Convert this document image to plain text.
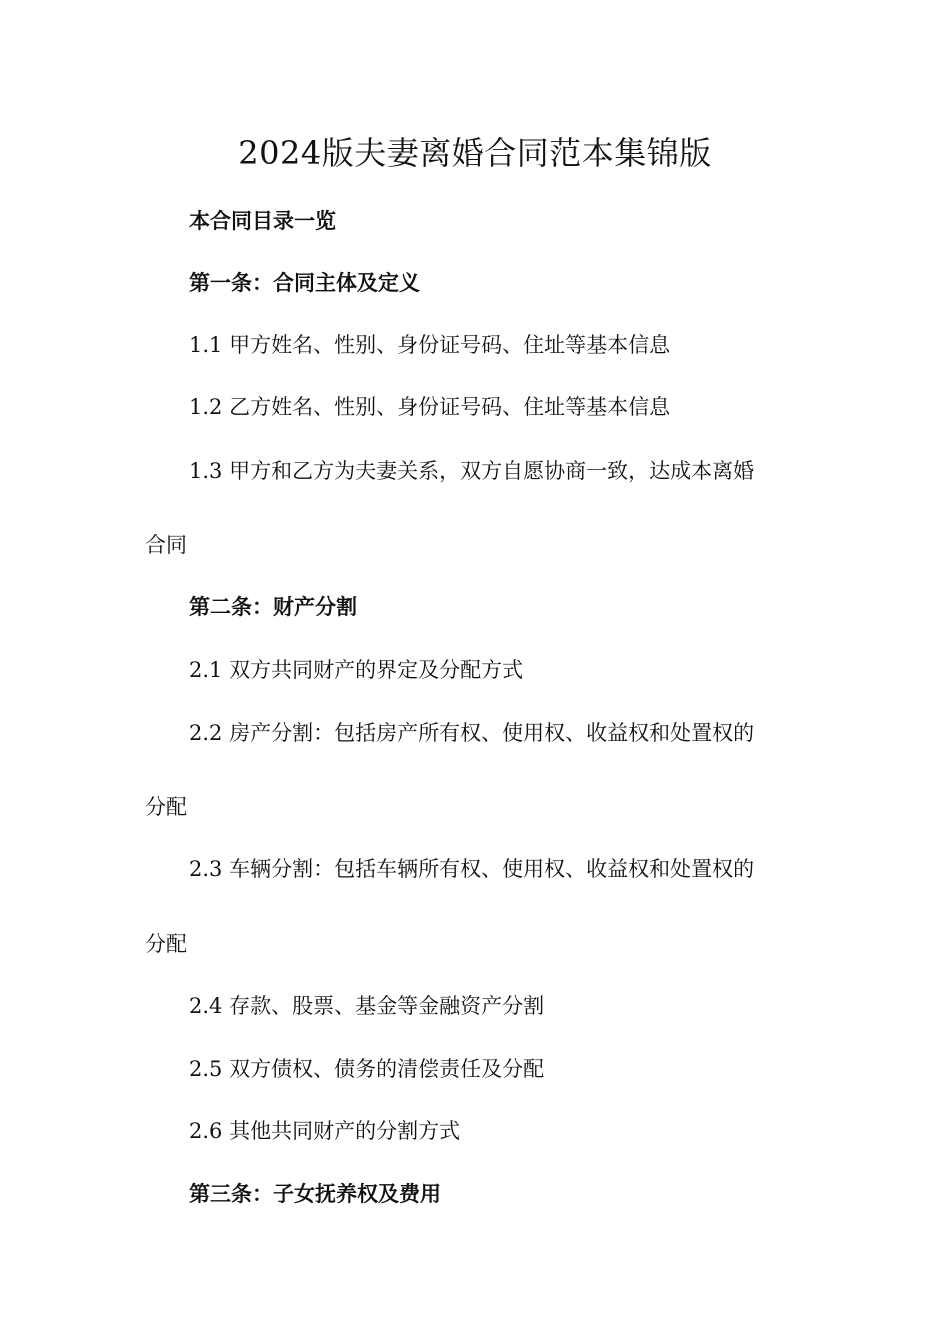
2024版夫妻离婚合同范本集锦版
本合同目录一览
第一条：合同主体及定义
1.1 甲方姓名、性别、身份证号码、住址等基本信息
1.2 乙方姓名、性别、身份证号码、住址等基本信息
1.3 甲方和乙方为夫妻关系，双方自愿协商一致，达成本离婚
合同
第二条：财产分割
2.1 双方共同财产的界定及分配方式
2.2 房产分割：包括房产所有权、使用权、收益权和处置权的
分配
2.3 车辆分割：包括车辆所有权、使用权、收益权和处置权的
分配
2.4 存款、股票、基金等金融资产分割
2.5 双方债权、债务的清偿责任及分配
2.6 其他共同财产的分割方式
第三条：子女抚养权及费用
